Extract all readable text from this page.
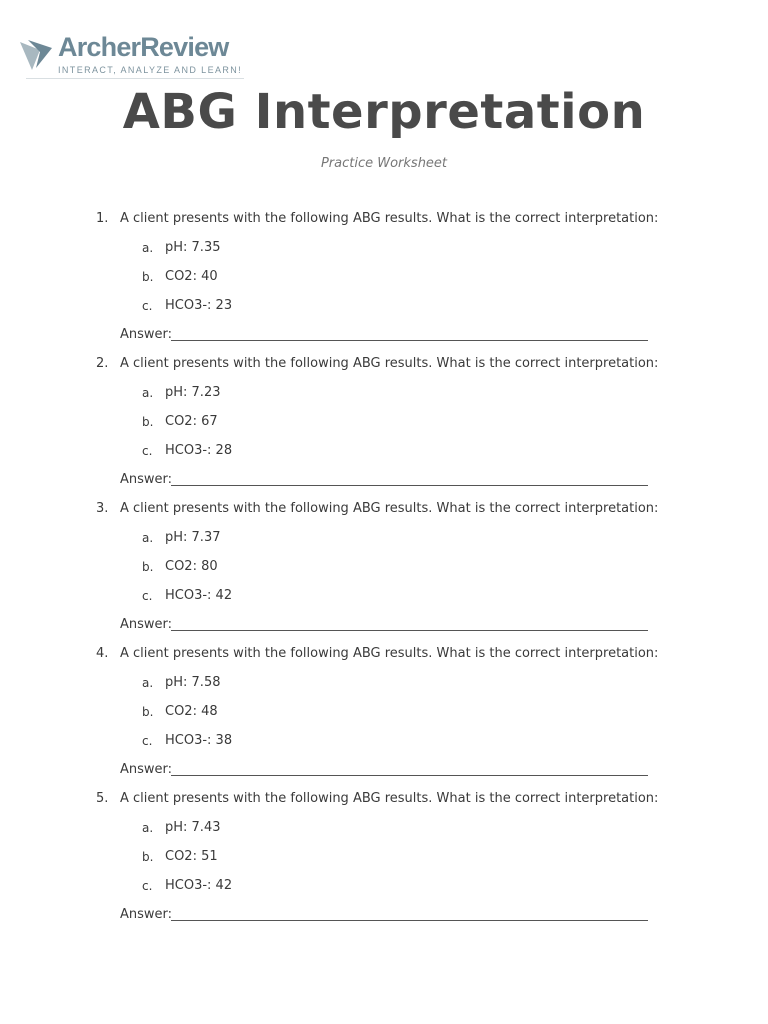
ArcherReview
INTERACT, ANALYZE AND LEARN!
ABG Interpretation
Practice Worksheet
1. A client presents with the following ABG results. What is the correct interpretation:
a. pH: 7.35
b. CO2: 40
c. HCO3-: 23
Answer:
2. A client presents with the following ABG results. What is the correct interpretation:
a. pH: 7.23
b. CO2: 67
c. HCO3-: 28
Answer:
3. A client presents with the following ABG results. What is the correct interpretation:
a. pH: 7.37
b. CO2: 80
c. HCO3-: 42
Answer:
4. A client presents with the following ABG results. What is the correct interpretation:
a. pH: 7.58
b. CO2: 48
c. HCO3-: 38
Answer:
5. A client presents with the following ABG results. What is the correct interpretation:
a. pH: 7.43
b. CO2: 51
c. HCO3-: 42
Answer:
